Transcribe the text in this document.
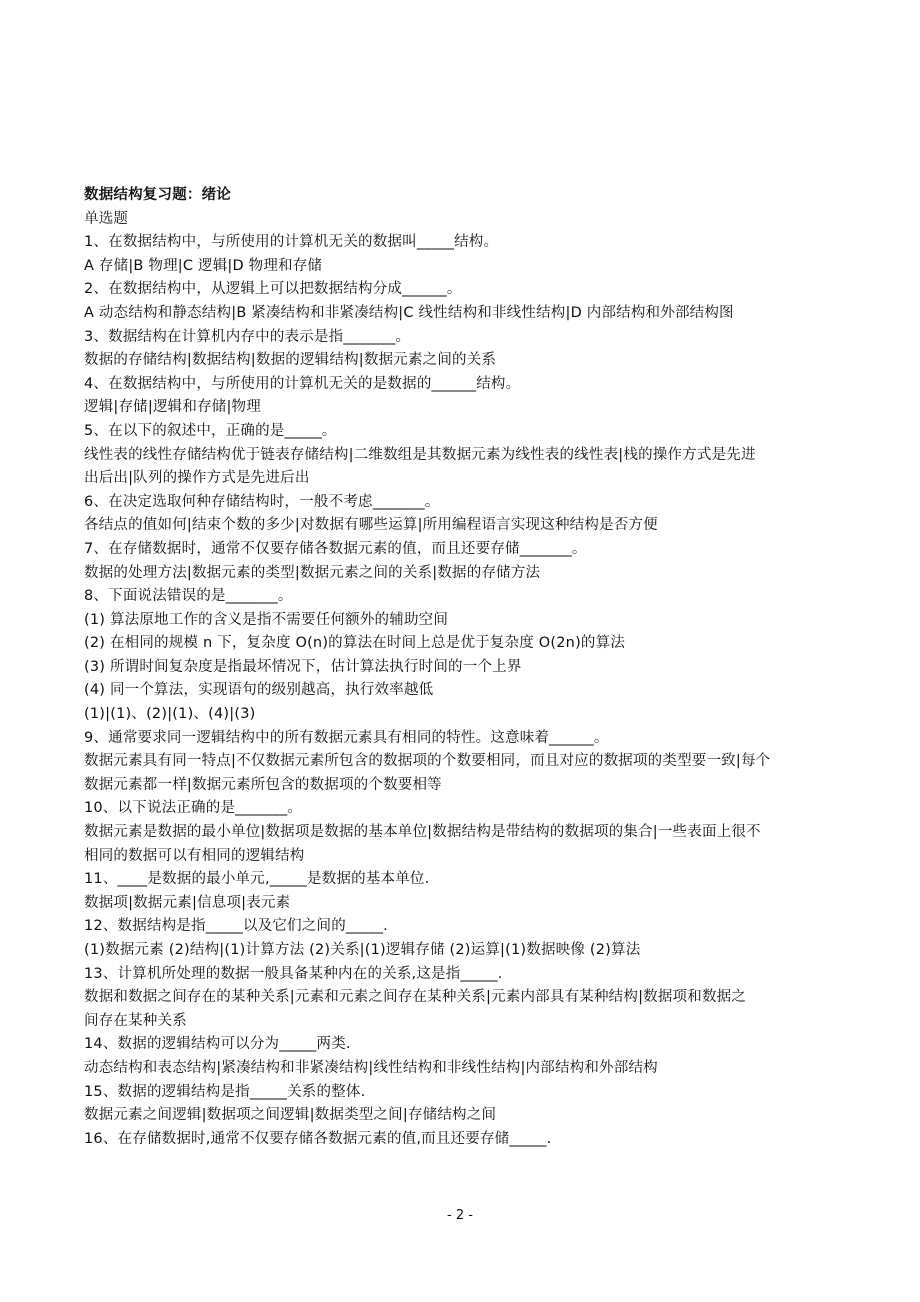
数据结构复习题：绪论
单选题
1、在数据结构中，与所使用的计算机无关的数据叫_____结构。
A 存储|B 物理|C 逻辑|D 物理和存储
2、在数据结构中，从逻辑上可以把数据结构分成______。
A 动态结构和静态结构|B 紧凑结构和非紧凑结构|C 线性结构和非线性结构|D 内部结构和外部结构图
3、数据结构在计算机内存中的表示是指_______。
数据的存储结构|数据结构|数据的逻辑结构|数据元素之间的关系
4、在数据结构中，与所使用的计算机无关的是数据的______结构。
逻辑|存储|逻辑和存储|物理
5、在以下的叙述中，正确的是_____。
线性表的线性存储结构优于链表存储结构|二维数组是其数据元素为线性表的线性表|栈的操作方式是先进
出后出|队列的操作方式是先进后出
6、在决定选取何种存储结构时，一般不考虑_______。
各结点的值如何|结束个数的多少|对数据有哪些运算|所用编程语言实现这种结构是否方便
7、在存储数据时，通常不仅要存储各数据元素的值，而且还要存储_______。
数据的处理方法|数据元素的类型|数据元素之间的关系|数据的存储方法
8、下面说法错误的是_______。
(1) 算法原地工作的含义是指不需要任何额外的辅助空间
(2) 在相同的规模 n 下，复杂度 O(n)的算法在时间上总是优于复杂度 O(2n)的算法
(3) 所谓时间复杂度是指最坏情况下，估计算法执行时间的一个上界
(4) 同一个算法，实现语句的级别越高，执行效率越低
(1)|(1)、(2)|(1)、(4)|(3)
9、通常要求同一逻辑结构中的所有数据元素具有相同的特性。这意味着______。
数据元素具有同一特点|不仅数据元素所包含的数据项的个数要相同，而且对应的数据项的类型要一致|每个
数据元素都一样|数据元素所包含的数据项的个数要相等
10、以下说法正确的是_______。
数据元素是数据的最小单位|数据项是数据的基本单位|数据结构是带结构的数据项的集合|一些表面上很不
相同的数据可以有相同的逻辑结构
11、____是数据的最小单元,_____是数据的基本单位.
数据项|数据元素|信息项|表元素
12、数据结构是指_____以及它们之间的_____.
(1)数据元素 (2)结构|(1)计算方法 (2)关系|(1)逻辑存储 (2)运算|(1)数据映像 (2)算法
13、计算机所处理的数据一般具备某种内在的关系,这是指_____.
数据和数据之间存在的某种关系|元素和元素之间存在某种关系|元素内部具有某种结构|数据项和数据之
间存在某种关系
14、数据的逻辑结构可以分为_____两类.
动态结构和表态结构|紧凑结构和非紧凑结构|线性结构和非线性结构|内部结构和外部结构
15、数据的逻辑结构是指_____关系的整体.
数据元素之间逻辑|数据项之间逻辑|数据类型之间|存储结构之间
16、在存储数据时,通常不仅要存储各数据元素的值,而且还要存储_____.
- 2 -
